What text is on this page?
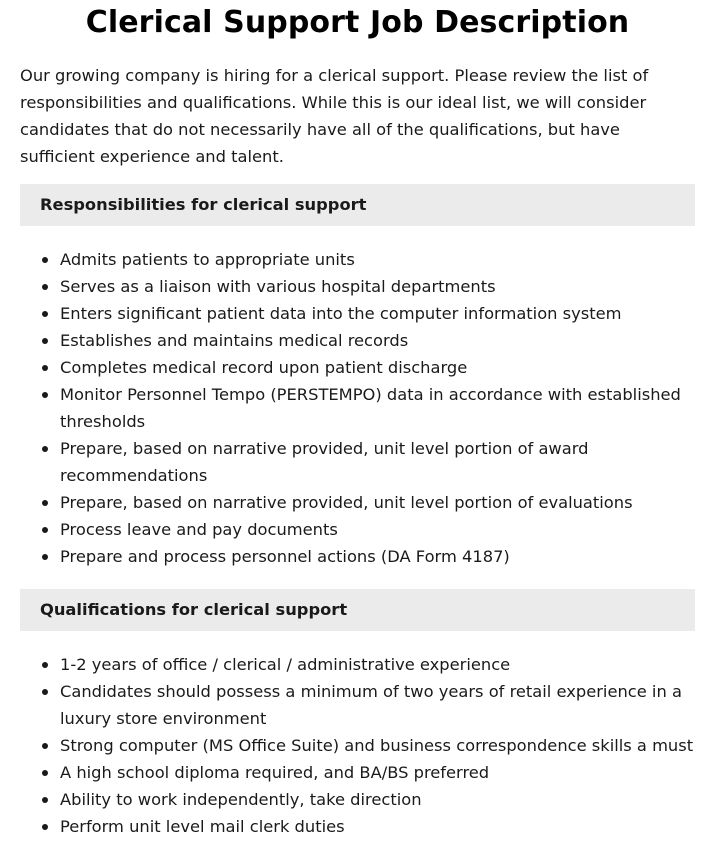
Clerical Support Job Description

Our growing company is hiring for a clerical support. Please review the list of responsibilities and qualifications. While this is our ideal list, we will consider candidates that do not necessarily have all of the qualifications, but have sufficient experience and talent.

Responsibilities for clerical support
Admits patients to appropriate units
Serves as a liaison with various hospital departments
Enters significant patient data into the computer information system
Establishes and maintains medical records
Completes medical record upon patient discharge
Monitor Personnel Tempo (PERSTEMPO) data in accordance with established thresholds
Prepare, based on narrative provided, unit level portion of award recommendations
Prepare, based on narrative provided, unit level portion of evaluations
Process leave and pay documents
Prepare and process personnel actions (DA Form 4187)
Qualifications for clerical support
1-2 years of office / clerical / administrative experience
Candidates should possess a minimum of two years of retail experience in a luxury store environment
Strong computer (MS Office Suite) and business correspondence skills a must
A high school diploma required, and BA/BS preferred
Ability to work independently, take direction
Perform unit level mail clerk duties
